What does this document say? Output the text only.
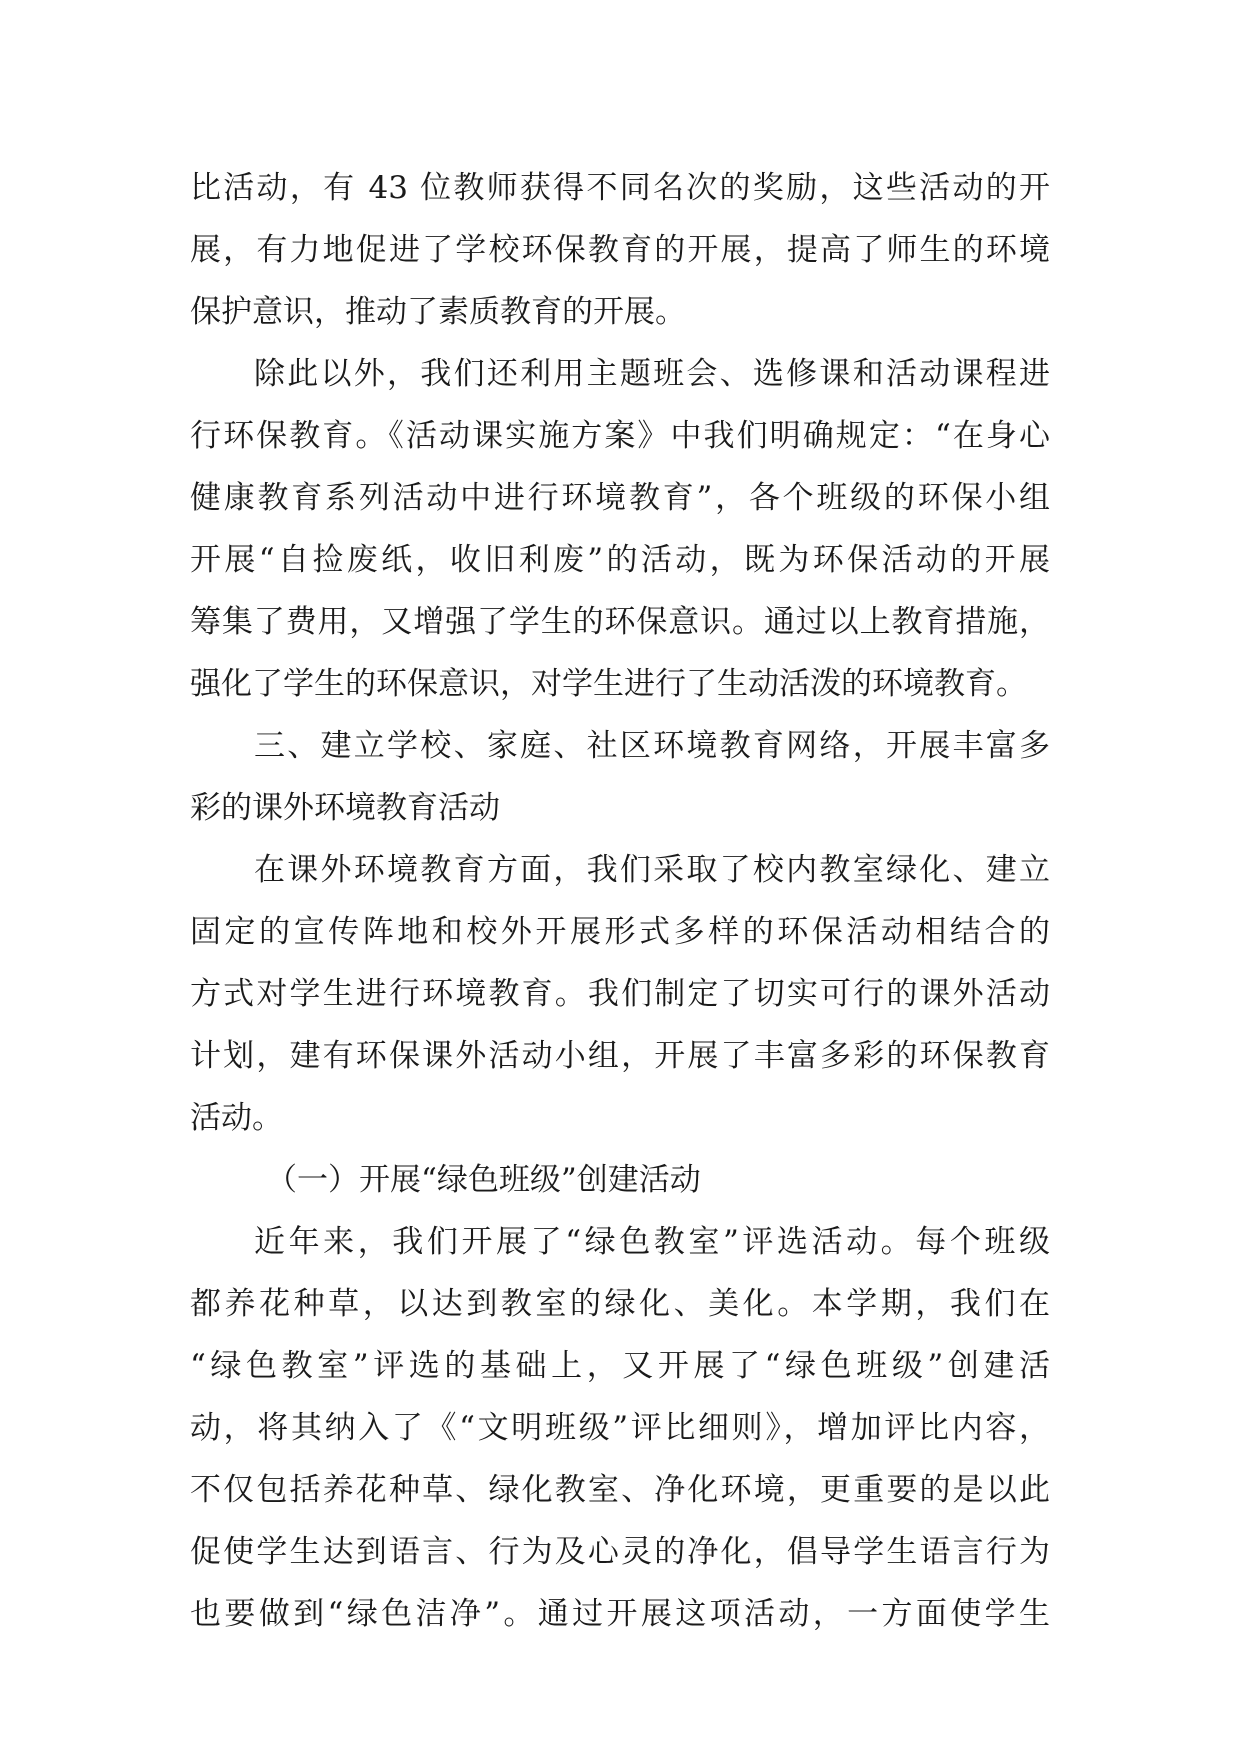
比活动，有 43 位教师获得不同名次的奖励，这些活动的开
展，有力地促进了学校环保教育的开展，提高了师生的环境
保护意识，推动了素质教育的开展。
除此以外，我们还利用主题班会、选修课和活动课程进
行环保教育。《活动课实施方案》中我们明确规定：“在身心
健康教育系列活动中进行环境教育”，各个班级的环保小组
开展“自捡废纸，收旧利废”的活动，既为环保活动的开展
筹集了费用，又增强了学生的环保意识。通过以上教育措施，
强化了学生的环保意识，对学生进行了生动活泼的环境教育。
三、建立学校、家庭、社区环境教育网络，开展丰富多
彩的课外环境教育活动
在课外环境教育方面，我们采取了校内教室绿化、建立
固定的宣传阵地和校外开展形式多样的环保活动相结合的
方式对学生进行环境教育。我们制定了切实可行的课外活动
计划，建有环保课外活动小组，开展了丰富多彩的环保教育
活动。
（一）开展“绿色班级”创建活动
近年来，我们开展了“绿色教室”评选活动。每个班级
都养花种草，以达到教室的绿化、美化。本学期，我们在
“绿色教室”评选的基础上，又开展了“绿色班级”创建活
动，将其纳入了《“文明班级”评比细则》，增加评比内容，
不仅包括养花种草、绿化教室、净化环境，更重要的是以此
促使学生达到语言、行为及心灵的净化，倡导学生语言行为
也要做到“绿色洁净”。通过开展这项活动，一方面使学生
